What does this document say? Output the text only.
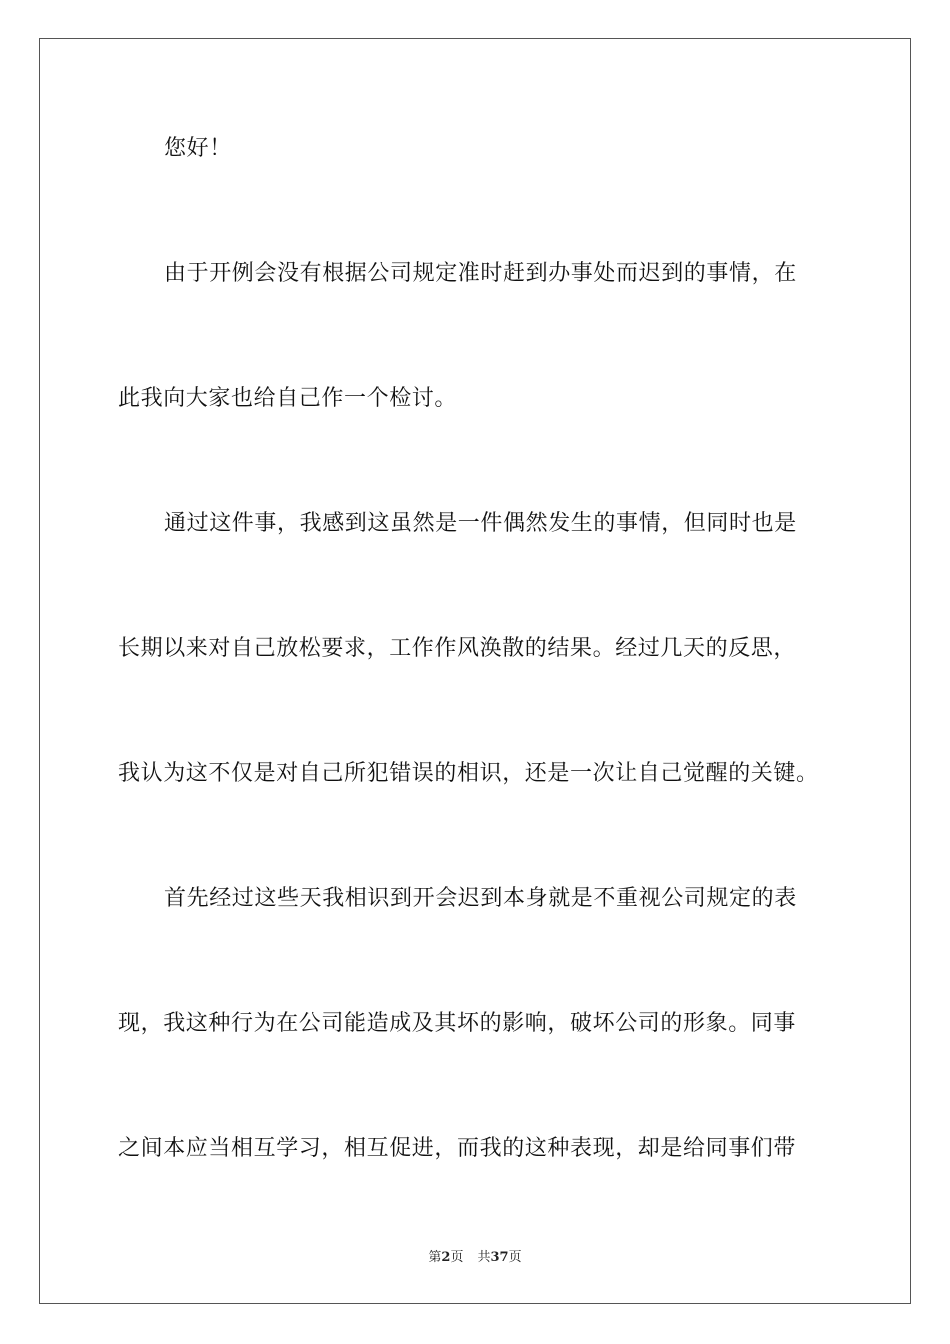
您好！
由于开例会没有根据公司规定准时赶到办事处而迟到的事情，在
此我向大家也给自己作一个检讨。
通过这件事，我感到这虽然是一件偶然发生的事情，但同时也是
长期以来对自己放松要求，工作作风涣散的结果。经过几天的反思，
我认为这不仅是对自己所犯错误的相识，还是一次让自己觉醒的关键。
首先经过这些天我相识到开会迟到本身就是不重视公司规定的表
现，我这种行为在公司能造成及其坏的影响，破坏公司的形象。同事
之间本应当相互学习，相互促进，而我的这种表现，却是给同事们带
第2页 共37页
